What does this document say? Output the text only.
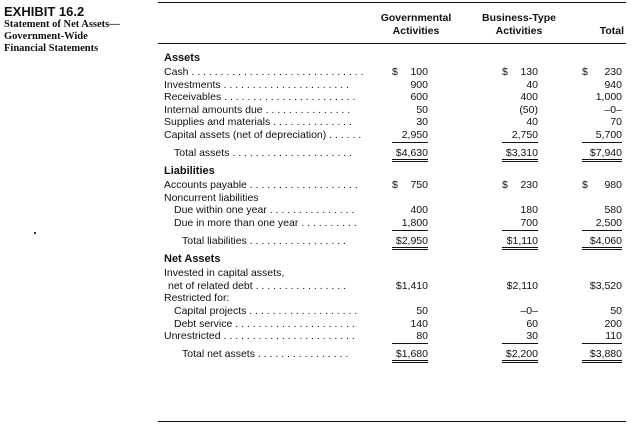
EXHIBIT 16.2
Statement of Net Assets—
Government-Wide
Financial Statements
Governmental
Activities
Business-Type
Activities	Total
Assets
Cash . . . . . . . . . . . . . . . . . . . . . . . . . . . . . .	$	100	$	130	$	230
Investments . . . . . . . . . . . . . . . . . . . . . .	900	40	940
Receivables . . . . . . . . . . . . . . . . . . . . . . .	600	400	1,000
Internal amounts due . . . . . . . . . . . . . . .	50	(50)	–0–
Supplies and materials . . . . . . . . . . . . . .	30	40	70
Capital assets (net of depreciation) . . . . . .	2,950	2,750	5,700
Total assets . . . . . . . . . . . . . . . . . . . . .	$4,630	$3,310	$7,940
Liabilities
Accounts payable . . . . . . . . . . . . . . . . . . .	$	750	$	230	$	980
Noncurrent liabilities
Due within one year . . . . . . . . . . . . . . .	400	180	580
Due in more than one year . . . . . . . . . .	1,800	700	2,500
Total liabilities . . . . . . . . . . . . . . . . .	$2,950	$1,110	$4,060
Net Assets
Invested in capital assets,
net of related debt . . . . . . . . . . . . . . . .	$1,410	$2,110	$3,520
Restricted for:
Capital projects . . . . . . . . . . . . . . . . . . .	50	–0–	50
Debt service . . . . . . . . . . . . . . . . . . . . .	140	60	200
Unrestricted . . . . . . . . . . . . . . . . . . . . . . .	80	30	110
Total net assets . . . . . . . . . . . . . . . .	$1,680	$2,200	$3,880
